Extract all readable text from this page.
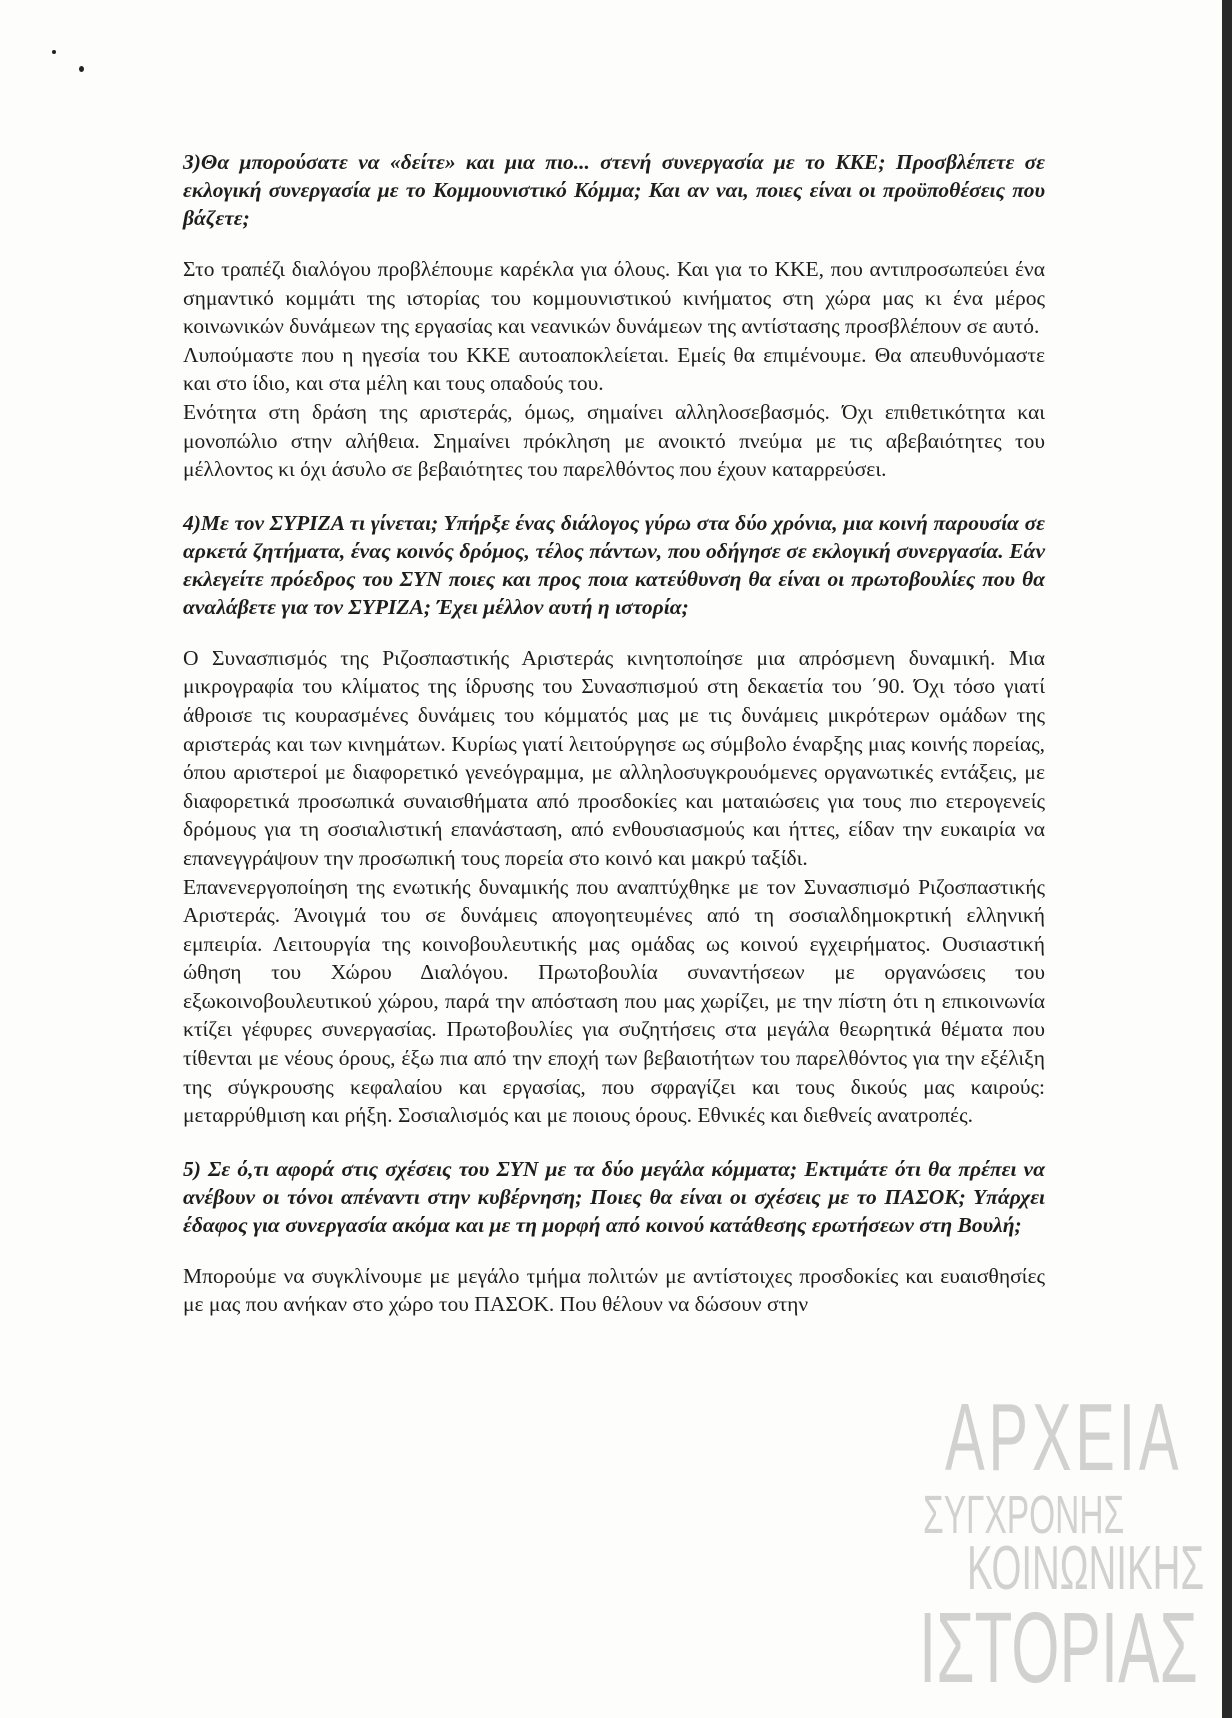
3)Θα μπορούσατε να «δείτε» και μια πιο... στενή συνεργασία με το ΚΚΕ; Προσβλέπετε σε εκλογική συνεργασία με το Κομμουνιστικό Κόμμα; Και αν ναι, ποιες είναι οι προϋποθέσεις που βάζετε;

Στο τραπέζι διαλόγου προβλέπουμε καρέκλα για όλους. Και για το ΚΚΕ, που αντιπροσωπεύει ένα σημαντικό κομμάτι της ιστορίας του κομμουνιστικού κινήματος στη χώρα μας κι ένα μέρος κοινωνικών δυνάμεων της εργασίας και νεανικών δυνάμεων της αντίστασης προσβλέπουν σε αυτό.

Λυπούμαστε που η ηγεσία του ΚΚΕ αυτοαποκλείεται. Εμείς θα επιμένουμε. Θα απευθυνόμαστε και στο ίδιο, και στα μέλη και τους οπαδούς του.

Ενότητα στη δράση της αριστεράς, όμως, σημαίνει αλληλοσεβασμός. Όχι επιθετικότητα και μονοπώλιο στην αλήθεια. Σημαίνει πρόκληση με ανοικτό πνεύμα με τις αβεβαιότητες του μέλλοντος κι όχι άσυλο σε βεβαιότητες του παρελθόντος που έχουν καταρρεύσει.

4)Με τον ΣΥΡΙΖΑ τι γίνεται; Υπήρξε ένας διάλογος γύρω στα δύο χρόνια, μια κοινή παρουσία σε αρκετά ζητήματα, ένας κοινός δρόμος, τέλος πάντων, που οδήγησε σε εκλογική συνεργασία. Εάν εκλεγείτε πρόεδρος του ΣΥΝ ποιες και προς ποια κατεύθυνση θα είναι οι πρωτοβουλίες που θα αναλάβετε για τον ΣΥΡΙΖΑ; Έχει μέλλον αυτή η ιστορία;

Ο Συνασπισμός της Ριζοσπαστικής Αριστεράς κινητοποίησε μια απρόσμενη δυναμική. Μια μικρογραφία του κλίματος της ίδρυσης του Συνασπισμού στη δεκαετία του ΄90. Όχι τόσο γιατί άθροισε τις κουρασμένες δυνάμεις του κόμματός μας με τις δυνάμεις μικρότερων ομάδων της αριστεράς και των κινημάτων. Κυρίως γιατί λειτούργησε ως σύμβολο έναρξης μιας κοινής πορείας, όπου αριστεροί με διαφορετικό γενεόγραμμα, με αλληλοσυγκρουόμενες οργανωτικές εντάξεις, με διαφορετικά προσωπικά συναισθήματα από προσδοκίες και ματαιώσεις για τους πιο ετερογενείς δρόμους για τη σοσιαλιστική επανάσταση, από ενθουσιασμούς και ήττες, είδαν την ευκαιρία να επανεγγράψουν την προσωπική τους πορεία στο κοινό και μακρύ ταξίδι.

Επανενεργοποίηση της ενωτικής δυναμικής που αναπτύχθηκε με τον Συνασπισμό Ριζοσπαστικής Αριστεράς. Άνοιγμά του σε δυνάμεις απογοητευμένες από τη σοσιαλδημοκρτική ελληνική εμπειρία. Λειτουργία της κοινοβουλευτικής μας ομάδας ως κοινού εγχειρήματος. Ουσιαστική ώθηση του Χώρου Διαλόγου. Πρωτοβουλία συναντήσεων με οργανώσεις του εξωκοινοβουλευτικού χώρου, παρά την απόσταση που μας χωρίζει, με την πίστη ότι η επικοινωνία κτίζει γέφυρες συνεργασίας. Πρωτοβουλίες για συζητήσεις στα μεγάλα θεωρητικά θέματα που τίθενται με νέους όρους, έξω πια από την εποχή των βεβαιοτήτων του παρελθόντος για την εξέλιξη της σύγκρουσης κεφαλαίου και εργασίας, που σφραγίζει και τους δικούς μας καιρούς: μεταρρύθμιση και ρήξη. Σοσιαλισμός και με ποιους όρους. Εθνικές και διεθνείς ανατροπές.

5) Σε ό,τι αφορά στις σχέσεις του ΣΥΝ με τα δύο μεγάλα κόμματα; Εκτιμάτε ότι θα πρέπει να ανέβουν οι τόνοι απέναντι στην κυβέρνηση; Ποιες θα είναι οι σχέσεις με το ΠΑΣΟΚ; Υπάρχει έδαφος για συνεργασία ακόμα και με τη μορφή από κοινού κατάθεσης ερωτήσεων στη Βουλή;

Μπορούμε να συγκλίνουμε με μεγάλο τμήμα πολιτών με αντίστοιχες προσδοκίες και ευαισθησίες με μας που ανήκαν στο χώρο του ΠΑΣΟΚ. Που θέλουν να δώσουν στην

ΑΡΧΕΙΑ
ΣΥΓΧΡΟΝΗΣ
ΚΟΙΝΩΝΙΚΗΣ
ΙΣΤΟΡΙΑΣ
